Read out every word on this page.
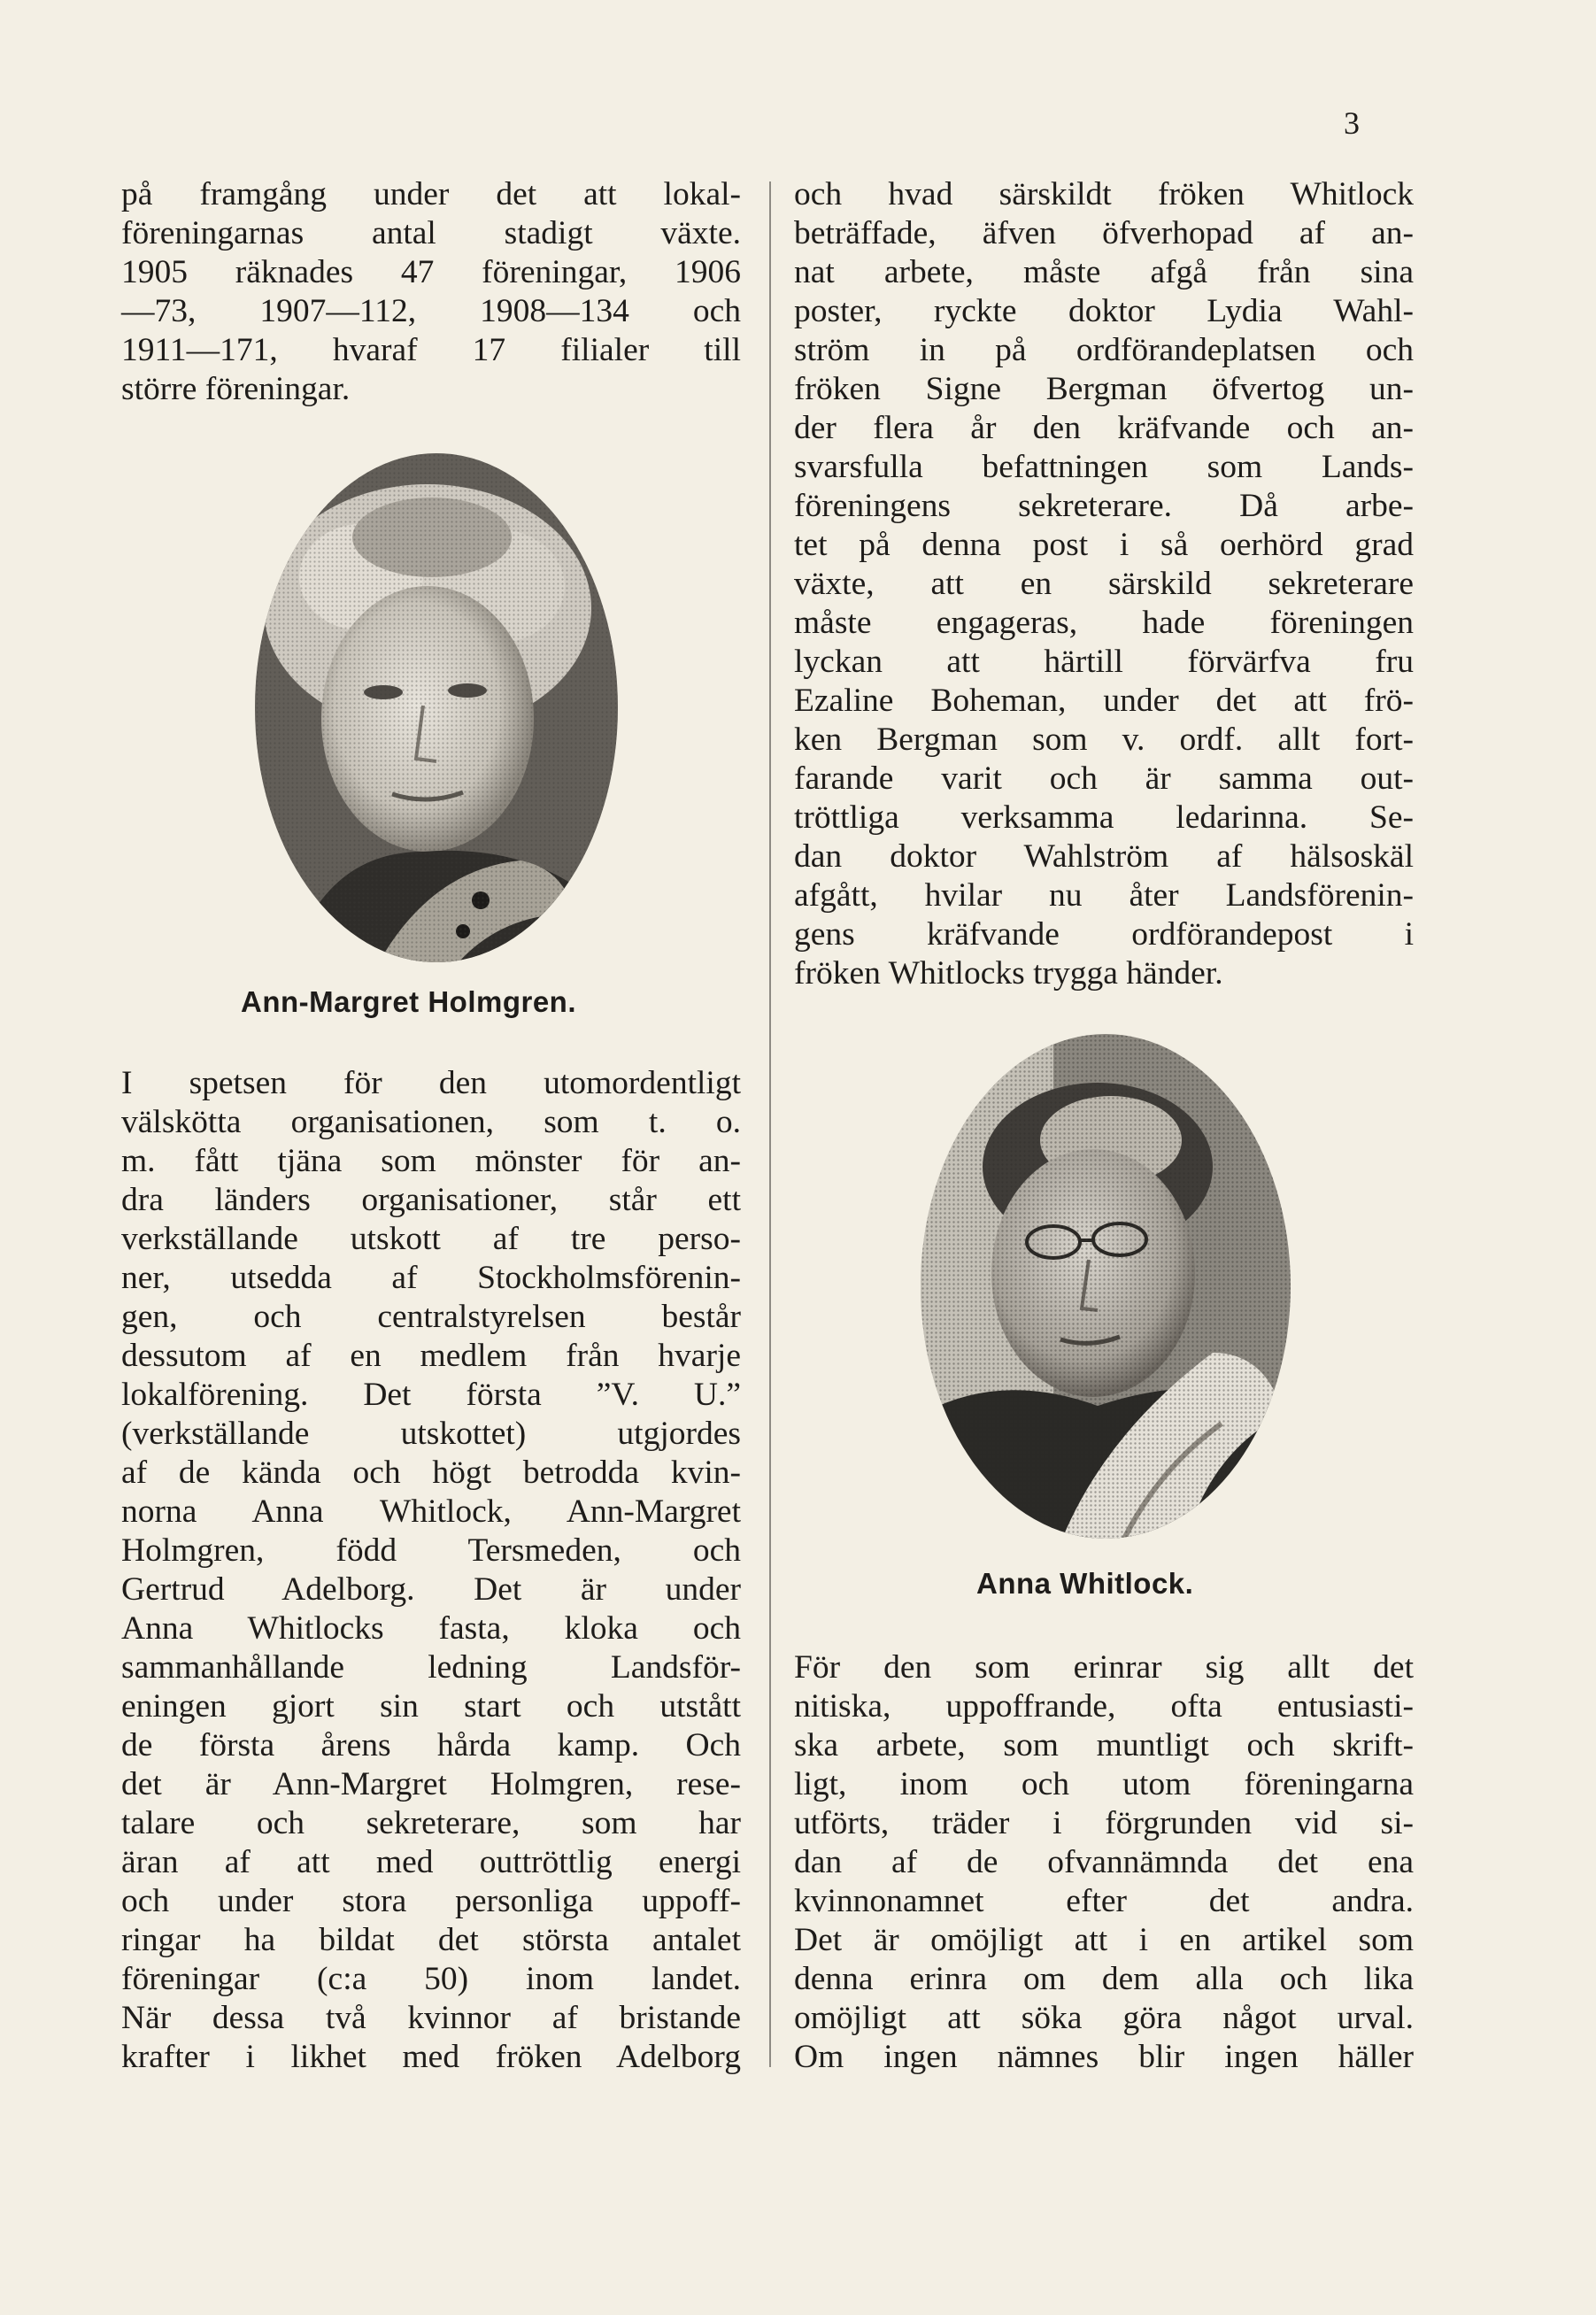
3
på framgång under det att lokal-
föreningarnas antal stadigt växte.
1905 räknades 47 föreningar, 1906
—73, 1907—112, 1908—134 och
1911—171, hvaraf 17 filialer till
större föreningar.
Ann-Margret Holmgren.
I spetsen för den utomordentligt
välskötta organisationen, som t. o.
m. fått tjäna som mönster för an-
dra länders organisationer, står ett
verkställande utskott af tre perso-
ner, utsedda af Stockholmsförenin-
gen, och centralstyrelsen består
dessutom af en medlem från hvarje
lokalförening. Det första ”V. U.”
(verkställande utskottet) utgjordes
af de kända och högt betrodda kvin-
norna Anna Whitlock, Ann-Margret
Holmgren, född Tersmeden, och
Gertrud Adelborg. Det är under
Anna Whitlocks fasta, kloka och
sammanhållande ledning Landsför-
eningen gjort sin start och utstått
de första årens hårda kamp. Och
det är Ann-Margret Holmgren, rese-
talare och sekreterare, som har
äran af att med outtröttlig energi
och under stora personliga uppoff-
ringar ha bildat det största antalet
föreningar (c:a 50) inom landet.
När dessa två kvinnor af bristande
krafter i likhet med fröken Adelborg
och hvad särskildt fröken Whitlock
beträffade, äfven öfverhopad af an-
nat arbete, måste afgå från sina
poster, ryckte doktor Lydia Wahl-
ström in på ordförandeplatsen och
fröken Signe Bergman öfvertog un-
der flera år den kräfvande och an-
svarsfulla befattningen som Lands-
föreningens sekreterare. Då arbe-
tet på denna post i så oerhörd grad
växte, att en särskild sekreterare
måste engageras, hade föreningen
lyckan att härtill förvärfva fru
Ezaline Boheman, under det att frö-
ken Bergman som v. ordf. allt fort-
farande varit och är samma out-
tröttliga verksamma ledarinna. Se-
dan doktor Wahlström af hälsoskäl
afgått, hvilar nu åter Landsförenin-
gens kräfvande ordförandepost i
fröken Whitlocks trygga händer.
Anna Whitlock.
För den som erinrar sig allt det
nitiska, uppoffrande, ofta entusiasti-
ska arbete, som muntligt och skrift-
ligt, inom och utom föreningarna
utförts, träder i förgrunden vid si-
dan af de ofvannämnda det ena
kvinnonamnet efter det andra.
Det är omöjligt att i en artikel som
denna erinra om dem alla och lika
omöjligt att söka göra något urval.
Om ingen nämnes blir ingen häller
